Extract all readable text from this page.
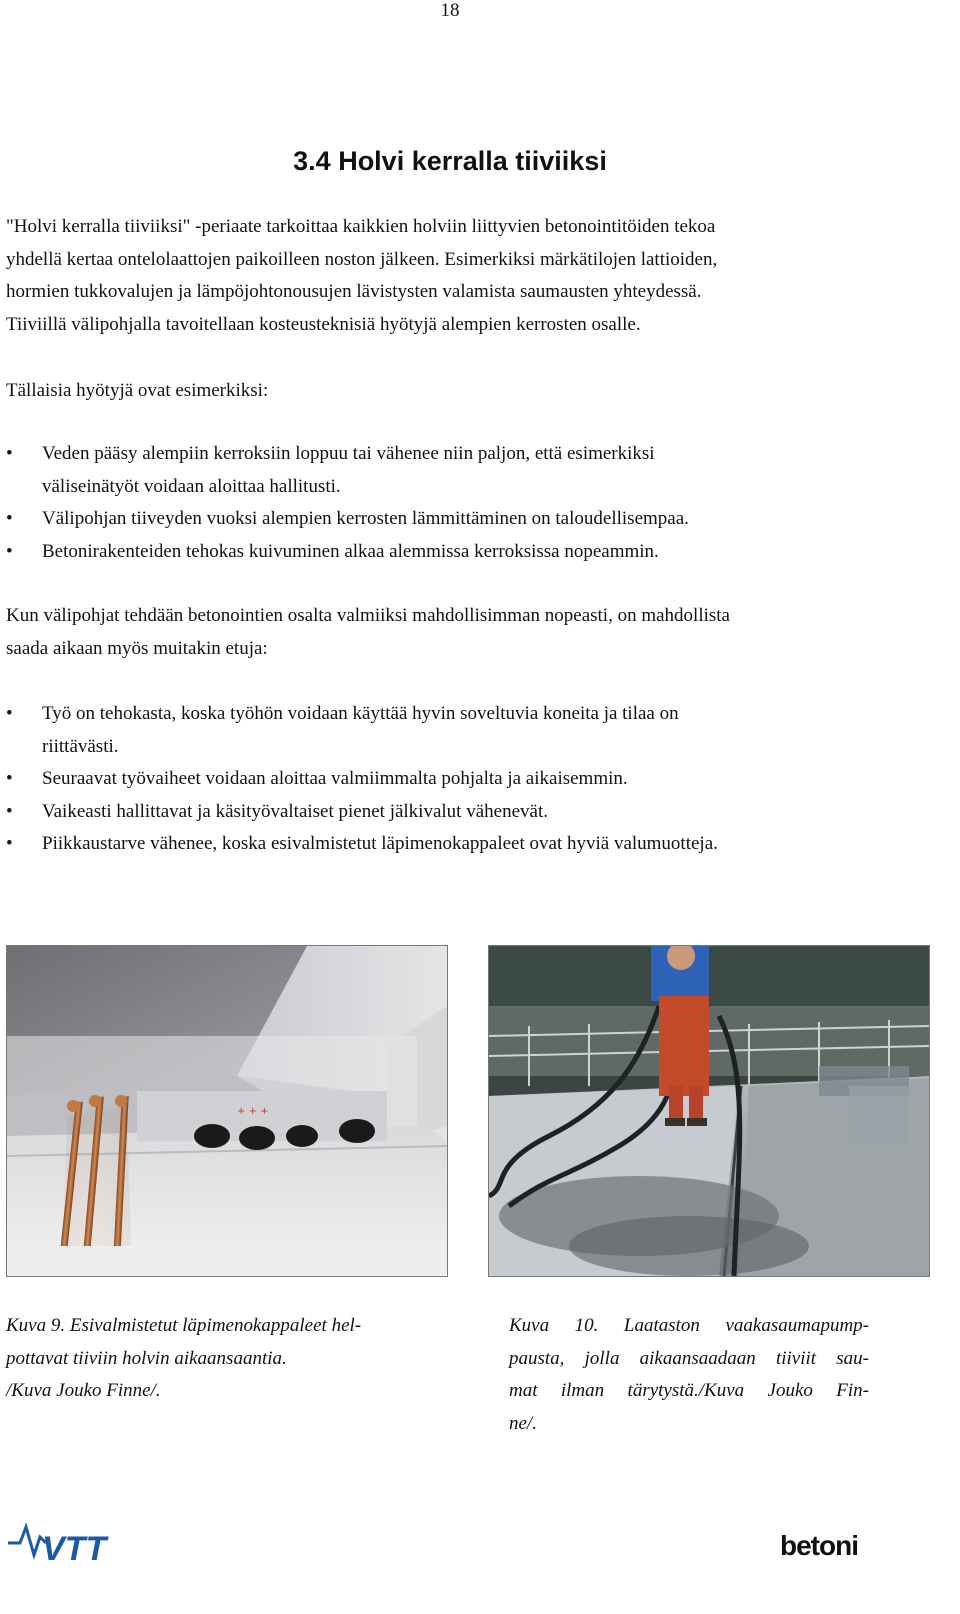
18
3.4 Holvi kerralla tiiviiksi

"Holvi kerralla tiiviiksi" -periaate tarkoittaa kaikkien holviin liittyvien betonointitöiden tekoa
yhdellä kertaa ontelolaattojen paikoilleen noston jälkeen. Esimerkiksi märkätilojen lattioiden,
hormien tukkovalujen ja lämpöjohtonousujen lävistysten valamista saumausten yhteydessä.
Tiiviillä välipohjalla tavoitellaan kosteusteknisiä hyötyjä alempien kerrosten osalle.

Tällaisia hyötyjä ovat esimerkiksi:

• Veden pääsy alempiin kerroksiin loppuu tai vähenee niin paljon, että esimerkiksi
väliseinätyöt voidaan aloittaa hallitusti.
• Välipohjan tiiveyden vuoksi alempien kerrosten lämmittäminen on taloudellisempaa.
• Betonirakenteiden tehokas kuivuminen alkaa alemmissa kerroksissa nopeammin.

Kun välipohjat tehdään betonointien osalta valmiiksi mahdollisimman nopeasti, on mahdollista
saada aikaan myös muitakin etuja:

• Työ on tehokasta, koska työhön voidaan käyttää hyvin soveltuvia koneita ja tilaa on
riittävästi.
• Seuraavat työvaiheet voidaan aloittaa valmiimmalta pohjalta ja aikaisemmin.
• Vaikeasti hallittavat ja käsityövaltaiset pienet jälkivalut vähenevät.
• Piikkaustarve vähenee, koska esivalmistetut läpimenokappaleet ovat hyviä valumuotteja.
+ + +

Kuva 9. Esivalmistetut läpimenokappaleet hel-
pottavat tiiviin holvin aikaansaantia.
/Kuva Jouko Finne/.

Kuva 10. Laataston vaakasaumapump-
pausta, jolla aikaansaadaan tiiviit sau-
mat ilman tärytystä./Kuva Jouko Fin-
ne/.

VTT	betoni
